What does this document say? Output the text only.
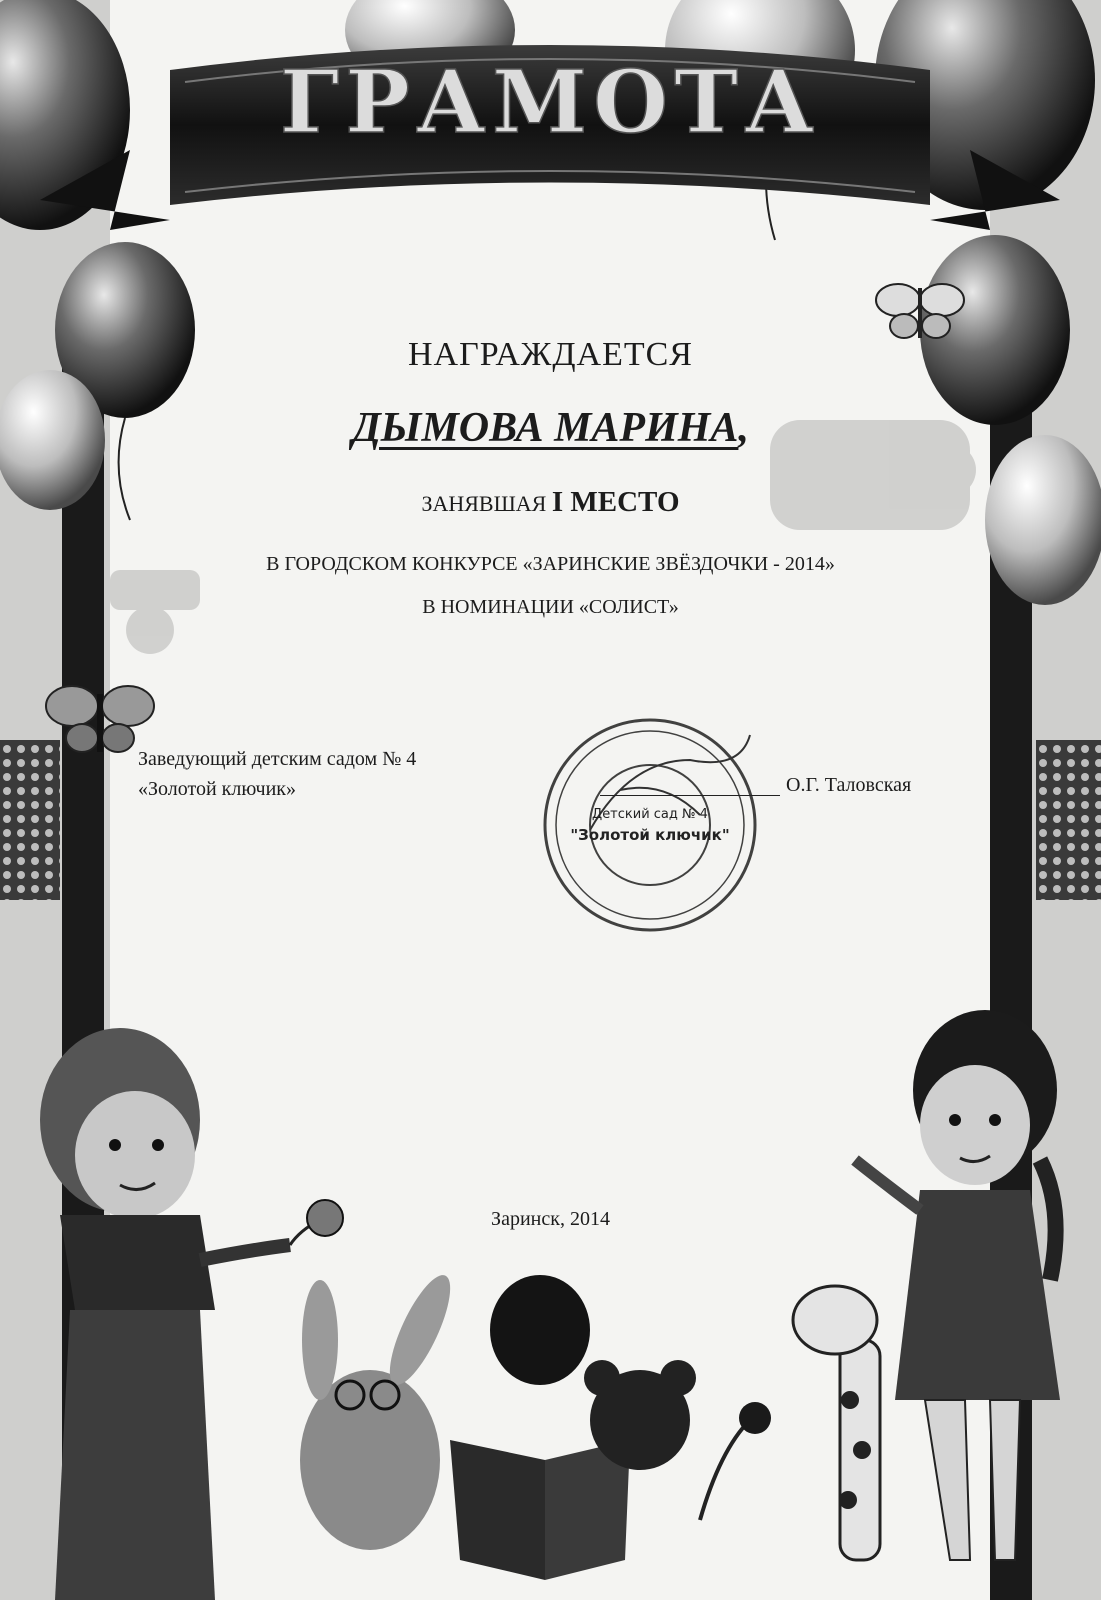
ГРАМОТА
Детский сад № 4
"Золотой ключик"
НАГРАЖДАЕТСЯ
ДЫМОВА МАРИНА,
ЗАНЯВШАЯ I МЕСТО
В ГОРОДСКОМ КОНКУРСЕ «ЗАРИНСКИЕ ЗВЁЗДОЧКИ - 2014»
В НОМИНАЦИИ «СОЛИСТ»
Заведующий детским садом № 4
«Золотой ключик»	О.Г. Таловская
Заринск, 2014
